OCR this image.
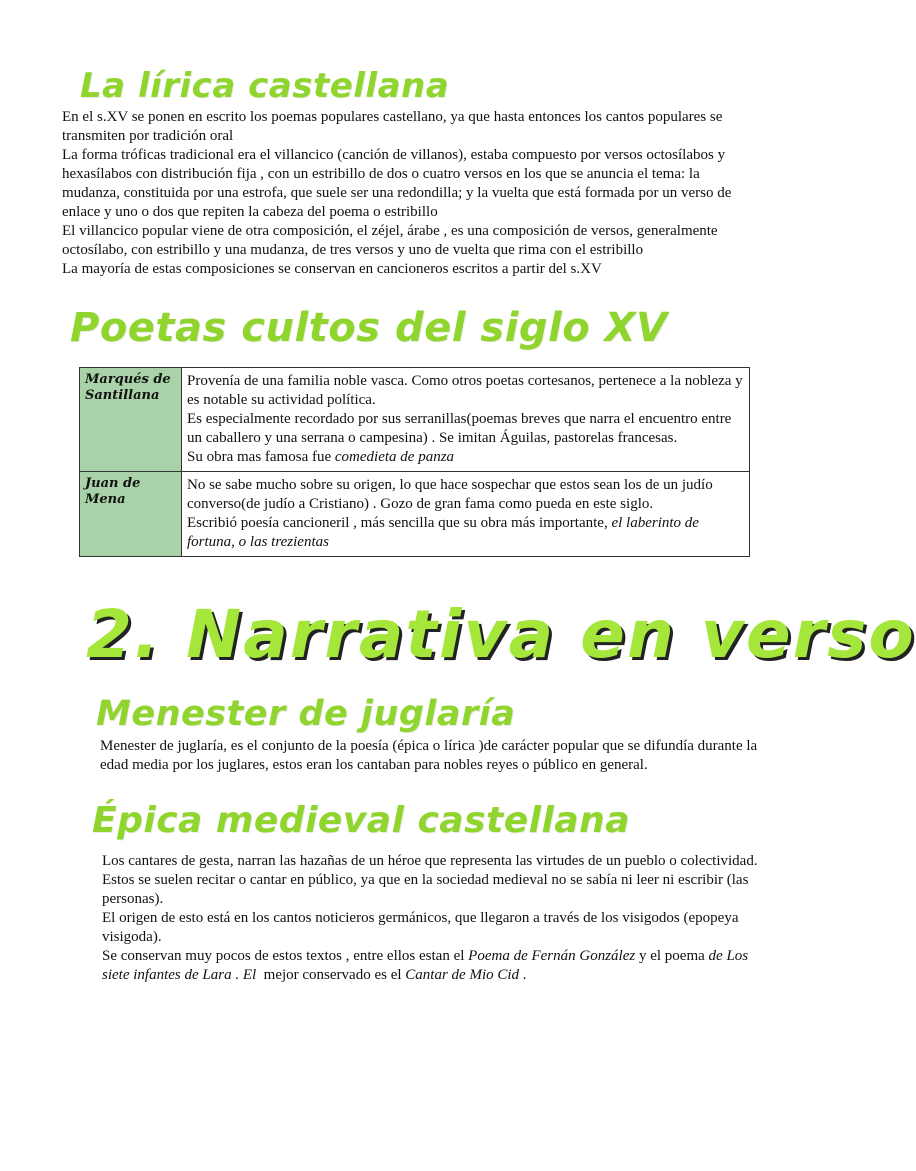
La lírica castellana

En el s.XV se ponen en escrito los poemas populares castellano, ya que hasta entonces los cantos populares se transmiten por tradición oral

La forma tróficas tradicional era el villancico (canción de villanos), estaba compuesto por versos octosílabos y hexasílabos con distribución fija , con un estribillo de dos o cuatro versos en los que se anuncia el tema: la mudanza, constituida por una estrofa, que suele ser una redondilla; y la vuelta que está formada por un verso de enlace y uno o dos que repiten la cabeza del poema o estribillo

El villancico popular viene de otra composición, el zéjel, árabe , es una composición de versos, generalmente octosílabo, con estribillo y una mudanza, de tres versos y uno de vuelta que rima con el estribillo

La mayoría de estas composiciones se conservan en cancioneros escritos a partir del s.XV

Poetas cultos del siglo XV
Marqués de Santillana	Provenía de una familia noble vasca. Como otros poetas cortesanos, pertenece a la nobleza y es notable su actividad política.

Es especialmente recordado por sus serranillas(poemas breves que narra el encuentro entre un caballero y una serrana o campesina) . Se imitan Águilas, pastorelas francesas.

Su obra mas famosa fue comedieta de panza

Juan de Mena	No se sabe mucho sobre su origen, lo que hace sospechar que estos sean los de un judío converso(de judío a Cristiano) . Gozo de gran fama como pueda en este siglo.

Escribió poesía cancioneril , más sencilla que su obra más importante, el laberinto de fortuna, o las trezientas

2. Narrativa en verso
Menester de juglaría

Menester de juglaría, es el conjunto de la poesía (épica o lírica )de carácter popular que se difundía durante la edad media por los juglares, estos eran los cantaban para nobles reyes o público en general.

Épica medieval castellana

Los cantares de gesta, narran las hazañas de un héroe que representa las virtudes de un pueblo o colectividad. Estos se suelen recitar o cantar en público, ya que en la sociedad medieval no se sabía ni leer ni escribir (las personas).

El origen de esto está en los cantos noticieros germánicos, que llegaron a través de los visigodos (epopeya visigoda).

Se conservan muy pocos de estos textos , entre ellos estan el Poema de Fernán González y el poema de Los siete infantes de Lara . El  mejor conservado es el Cantar de Mio Cid .
